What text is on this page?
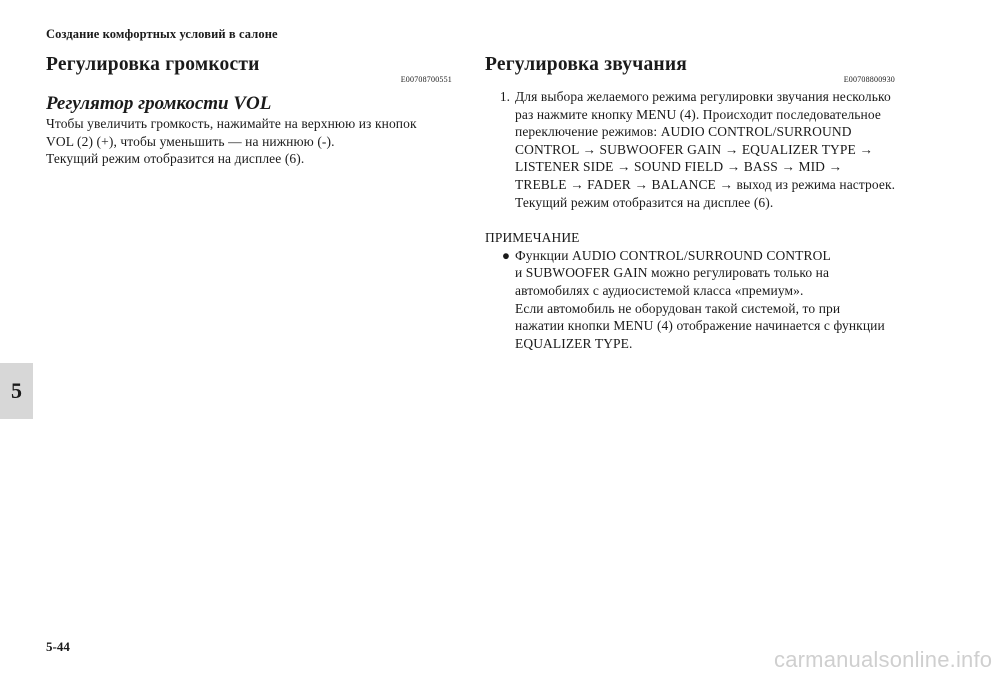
Создание комфортных условий в салоне
5
Регулировка громкости
E00708700551
Регулятор громкости VOL

Чтобы увеличить громкость, нажимайте на верхнюю из кнопок
VOL (2) (+), чтобы уменьшить — на нижнюю (-).
Текущий режим отобразится на дисплее (6).

Регулировка звучания
E00708800930
1. Для выбора желаемого режима регулировки звучания несколько
раз нажмите кнопку MENU (4). Происходит последовательное
переключение режимов: AUDIO CONTROL/SURROUND
CONTROL → SUBWOOFER GAIN → EQUALIZER TYPE →
LISTENER SIDE → SOUND FIELD → BASS → MID →
TREBLE → FADER → BALANCE → выход из режима настроек.
Текущий режим отобразится на дисплее (6).
ПРИМЕЧАНИЕ
● Функции AUDIO CONTROL/SURROUND CONTROL
и SUBWOOFER GAIN можно регулировать только на
автомобилях с аудиосистемой класса «премиум».
Если автомобиль не оборудован такой системой, то при
нажатии кнопки MENU (4) отображение начинается с функции
EQUALIZER TYPE.
5-44
carmanualsonline.info
